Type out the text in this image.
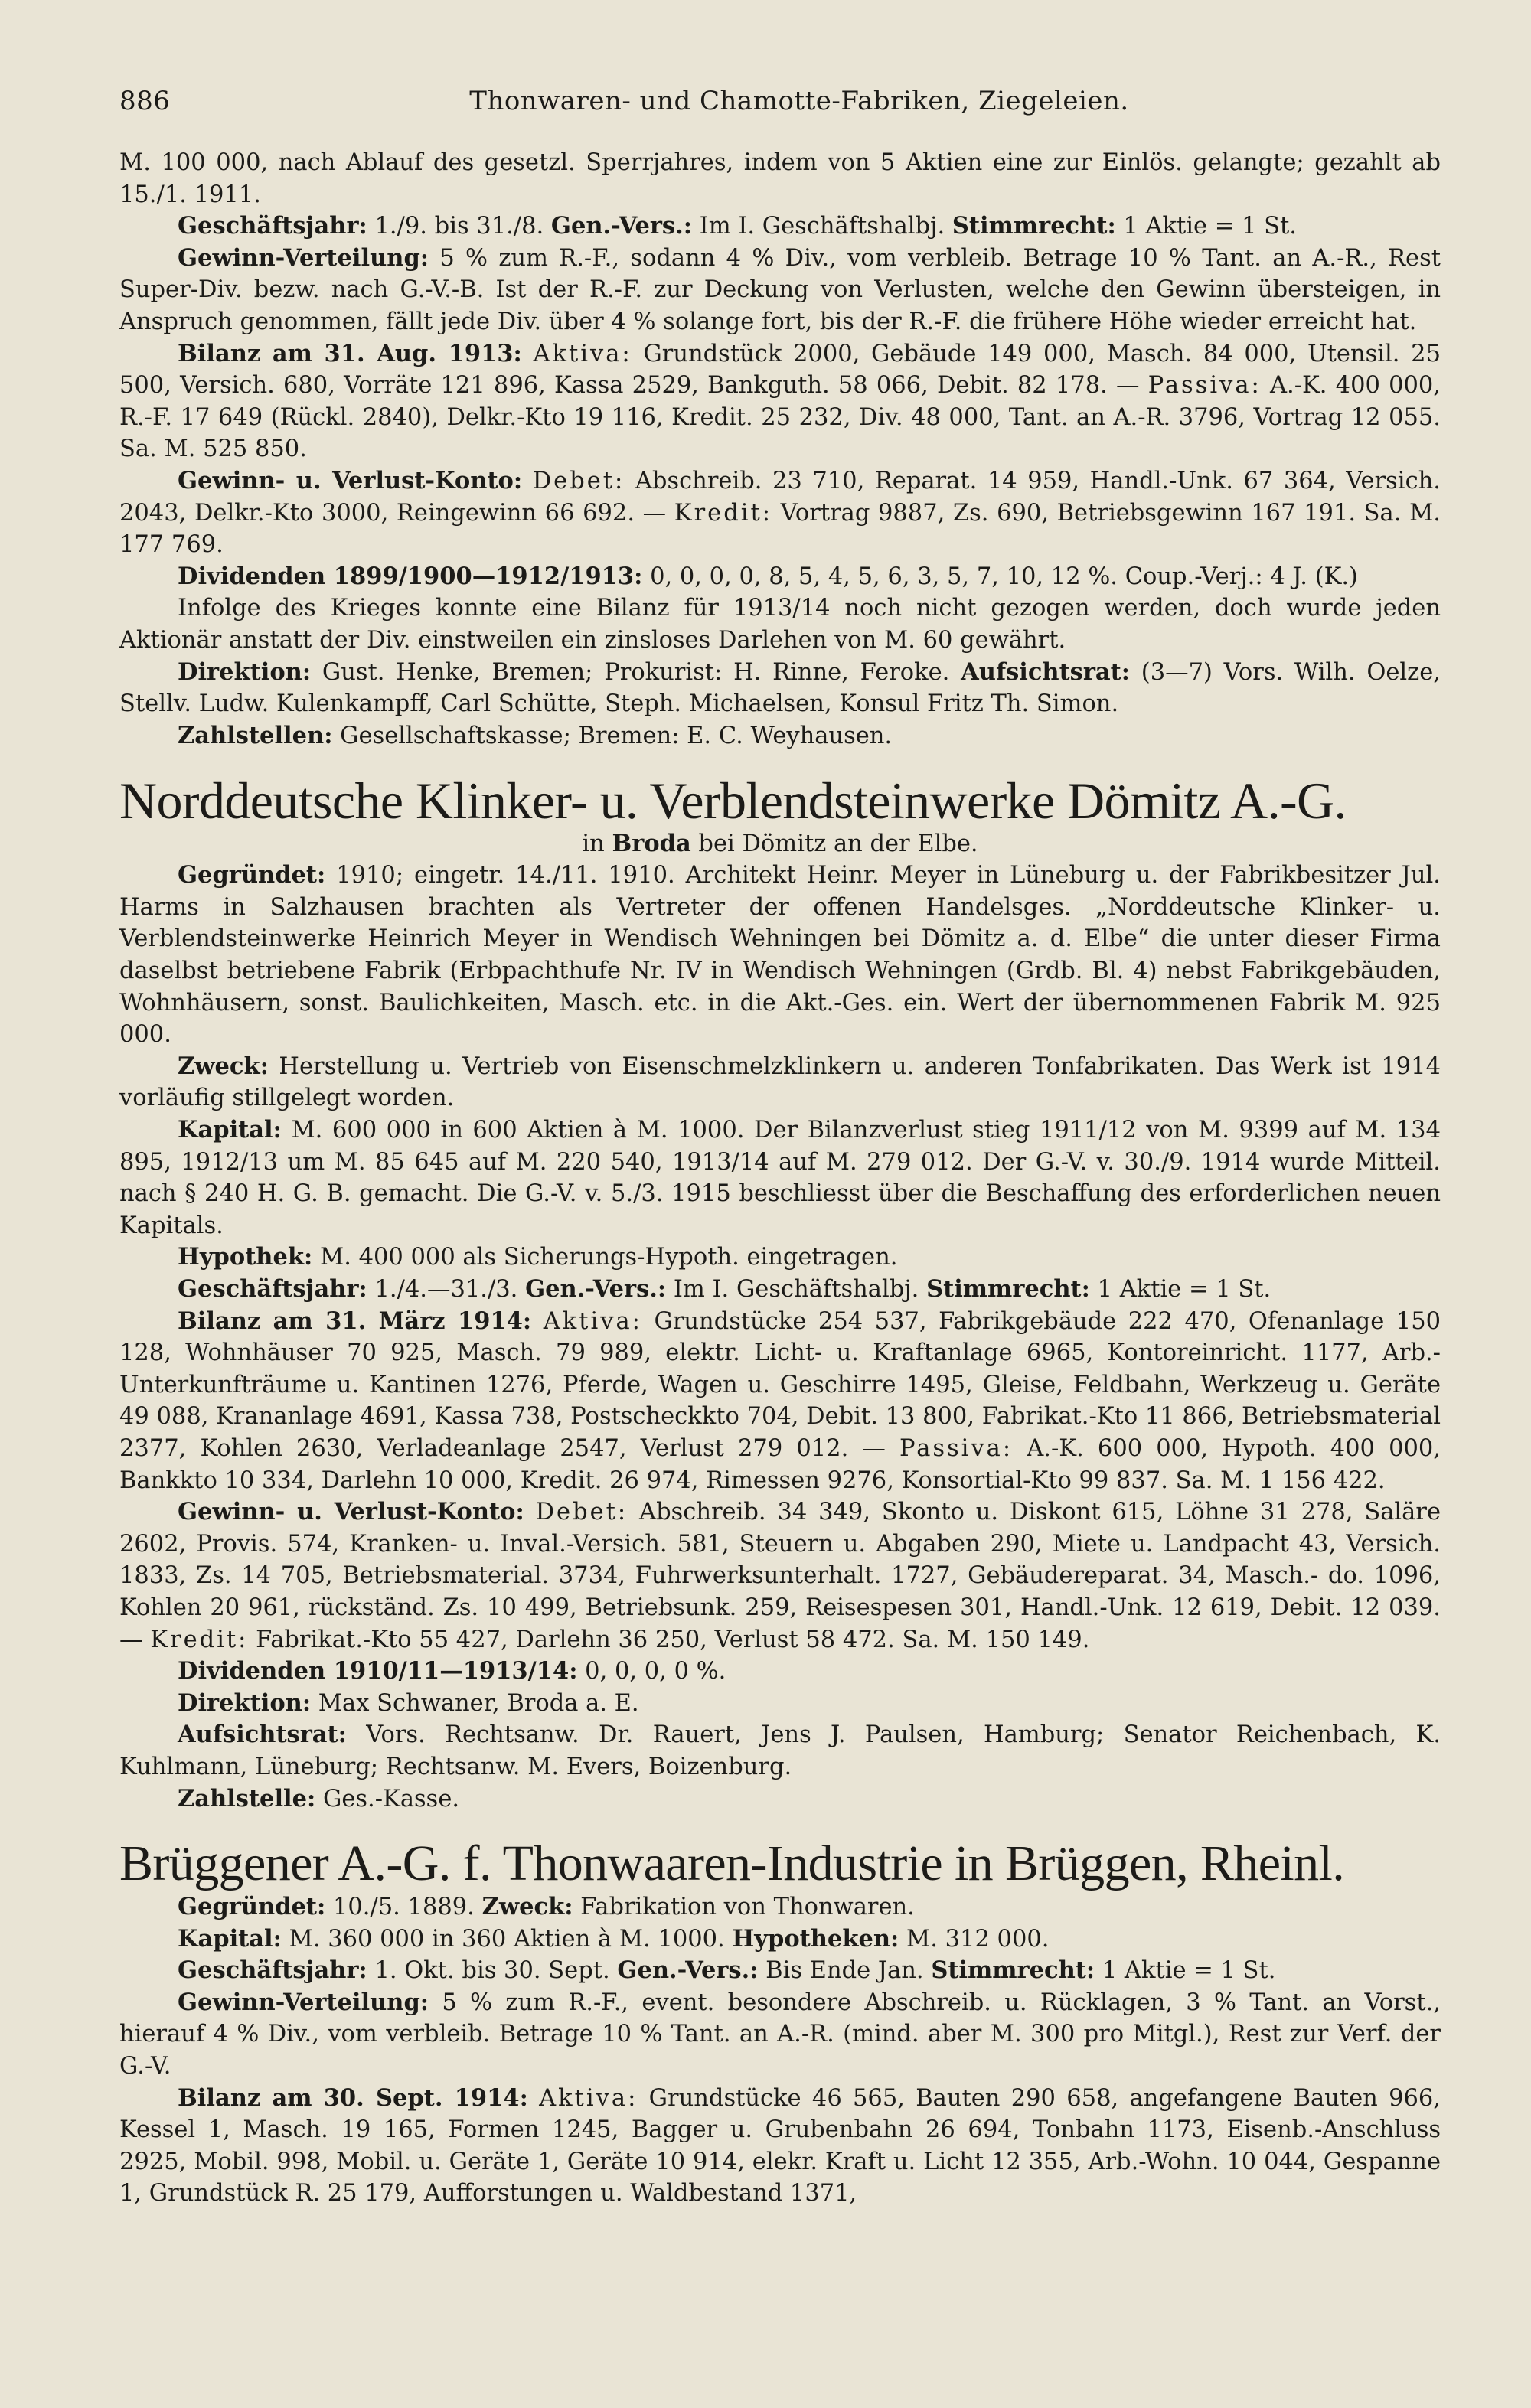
886	Thonwaren- und Chamotte-Fabriken, Ziegeleien.

M. 100 000, nach Ablauf des gesetzl. Sperrjahres, indem von 5 Aktien eine zur Einlös. gelangte; gezahlt ab 15./1. 1911.

Geschäftsjahr: 1./9. bis 31./8. Gen.-Vers.: Im I. Geschäftshalbj. Stimmrecht: 1 Aktie = 1 St.

Gewinn-Verteilung: 5 % zum R.-F., sodann 4 % Div., vom verbleib. Betrage 10 % Tant. an A.-R., Rest Super-Div. bezw. nach G.-V.-B. Ist der R.-F. zur Deckung von Verlusten, welche den Gewinn übersteigen, in Anspruch genommen, fällt jede Div. über 4 % solange fort, bis der R.-F. die frühere Höhe wieder erreicht hat.

Bilanz am 31. Aug. 1913: Aktiva: Grundstück 2000, Gebäude 149 000, Masch. 84 000, Utensil. 25 500, Versich. 680, Vorräte 121 896, Kassa 2529, Bankguth. 58 066, Debit. 82 178. — Passiva: A.-K. 400 000, R.-F. 17 649 (Rückl. 2840), Delkr.-Kto 19 116, Kredit. 25 232, Div. 48 000, Tant. an A.-R. 3796, Vortrag 12 055. Sa. M. 525 850.

Gewinn- u. Verlust-Konto: Debet: Abschreib. 23 710, Reparat. 14 959, Handl.-Unk. 67 364, Versich. 2043, Delkr.-Kto 3000, Reingewinn 66 692. — Kredit: Vortrag 9887, Zs. 690, Betriebsgewinn 167 191. Sa. M. 177 769.

Dividenden 1899/1900—1912/1913: 0, 0, 0, 0, 8, 5, 4, 5, 6, 3, 5, 7, 10, 12 %. Coup.-Verj.: 4 J. (K.)

Infolge des Krieges konnte eine Bilanz für 1913/14 noch nicht gezogen werden, doch wurde jeden Aktionär anstatt der Div. einstweilen ein zinsloses Darlehen von M. 60 gewährt.

Direktion: Gust. Henke, Bremen; Prokurist: H. Rinne, Feroke. Aufsichtsrat: (3—7) Vors. Wilh. Oelze, Stellv. Ludw. Kulenkampff, Carl Schütte, Steph. Michaelsen, Konsul Fritz Th. Simon.

Zahlstellen: Gesellschaftskasse; Bremen: E. C. Weyhausen.

Norddeutsche Klinker- u. Verblendsteinwerke Dömitz A.-G.

in Broda bei Dömitz an der Elbe.

Gegründet: 1910; eingetr. 14./11. 1910. Architekt Heinr. Meyer in Lüneburg u. der Fabrikbesitzer Jul. Harms in Salzhausen brachten als Vertreter der offenen Handelsges. „Norddeutsche Klinker- u. Verblendsteinwerke Heinrich Meyer in Wendisch Wehningen bei Dömitz a. d. Elbe“ die unter dieser Firma daselbst betriebene Fabrik (Erbpachthufe Nr. IV in Wendisch Wehningen (Grdb. Bl. 4) nebst Fabrikgebäuden, Wohnhäusern, sonst. Baulichkeiten, Masch. etc. in die Akt.-Ges. ein. Wert der übernommenen Fabrik M. 925 000.

Zweck: Herstellung u. Vertrieb von Eisenschmelzklinkern u. anderen Tonfabrikaten. Das Werk ist 1914 vorläufig stillgelegt worden.

Kapital: M. 600 000 in 600 Aktien à M. 1000. Der Bilanzverlust stieg 1911/12 von M. 9399 auf M. 134 895, 1912/13 um M. 85 645 auf M. 220 540, 1913/14 auf M. 279 012. Der G.-V. v. 30./9. 1914 wurde Mitteil. nach § 240 H. G. B. gemacht. Die G.-V. v. 5./3. 1915 beschliesst über die Beschaffung des erforderlichen neuen Kapitals.

Hypothek: M. 400 000 als Sicherungs-Hypoth. eingetragen.

Geschäftsjahr: 1./4.—31./3. Gen.-Vers.: Im I. Geschäftshalbj. Stimmrecht: 1 Aktie = 1 St.

Bilanz am 31. März 1914: Aktiva: Grundstücke 254 537, Fabrikgebäude 222 470, Ofenanlage 150 128, Wohnhäuser 70 925, Masch. 79 989, elektr. Licht- u. Kraftanlage 6965, Kontoreinricht. 1177, Arb.-Unterkunfträume u. Kantinen 1276, Pferde, Wagen u. Geschirre 1495, Gleise, Feldbahn, Werkzeug u. Geräte 49 088, Krananlage 4691, Kassa 738, Postscheckkto 704, Debit. 13 800, Fabrikat.-Kto 11 866, Betriebsmaterial 2377, Kohlen 2630, Verladeanlage 2547, Verlust 279 012. — Passiva: A.-K. 600 000, Hypoth. 400 000, Bankkto 10 334, Darlehn 10 000, Kredit. 26 974, Rimessen 9276, Konsortial-Kto 99 837. Sa. M. 1 156 422.

Gewinn- u. Verlust-Konto: Debet: Abschreib. 34 349, Skonto u. Diskont 615, Löhne 31 278, Saläre 2602, Provis. 574, Kranken- u. Inval.-Versich. 581, Steuern u. Abgaben 290, Miete u. Landpacht 43, Versich. 1833, Zs. 14 705, Betriebsmaterial. 3734, Fuhrwerksunterhalt. 1727, Gebäudereparat. 34, Masch.- do. 1096, Kohlen 20 961, rückständ. Zs. 10 499, Betriebsunk. 259, Reisespesen 301, Handl.-Unk. 12 619, Debit. 12 039. — Kredit: Fabrikat.-Kto 55 427, Darlehn 36 250, Verlust 58 472. Sa. M. 150 149.

Dividenden 1910/11—1913/14: 0, 0, 0, 0 %.

Direktion: Max Schwaner, Broda a. E.

Aufsichtsrat: Vors. Rechtsanw. Dr. Rauert, Jens J. Paulsen, Hamburg; Senator Reichenbach, K. Kuhlmann, Lüneburg; Rechtsanw. M. Evers, Boizenburg.

Zahlstelle: Ges.-Kasse.

Brüggener A.-G. f. Thonwaaren-Industrie in Brüggen, Rheinl.

Gegründet: 10./5. 1889. Zweck: Fabrikation von Thonwaren.

Kapital: M. 360 000 in 360 Aktien à M. 1000. Hypotheken: M. 312 000.

Geschäftsjahr: 1. Okt. bis 30. Sept. Gen.-Vers.: Bis Ende Jan. Stimmrecht: 1 Aktie = 1 St.

Gewinn-Verteilung: 5 % zum R.-F., event. besondere Abschreib. u. Rücklagen, 3 % Tant. an Vorst., hierauf 4 % Div., vom verbleib. Betrage 10 % Tant. an A.-R. (mind. aber M. 300 pro Mitgl.), Rest zur Verf. der G.-V.

Bilanz am 30. Sept. 1914: Aktiva: Grundstücke 46 565, Bauten 290 658, angefangene Bauten 966, Kessel 1, Masch. 19 165, Formen 1245, Bagger u. Grubenbahn 26 694, Tonbahn 1173, Eisenb.-Anschluss 2925, Mobil. 998, Mobil. u. Geräte 1, Geräte 10 914, elekr. Kraft u. Licht 12 355, Arb.-Wohn. 10 044, Gespanne 1, Grundstück R. 25 179, Aufforstungen u. Waldbestand 1371,
